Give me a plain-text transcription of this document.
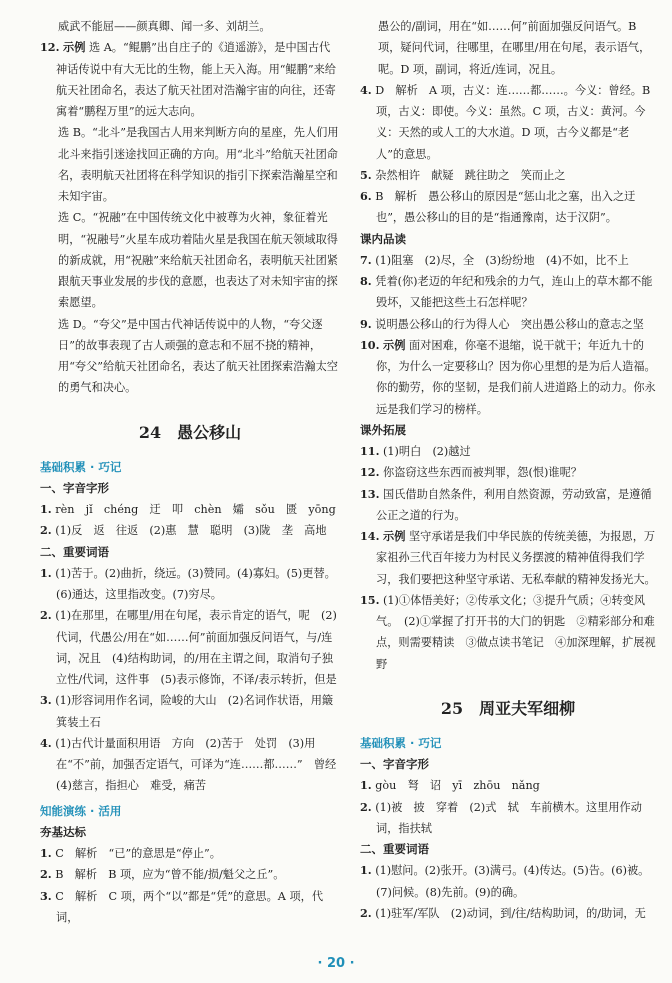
威武不能屈——颜真卿、闻一多、刘胡兰。

12. 示例 选 A。“鲲鹏”出自庄子的《逍遥游》，是中国古代神话传说中有大无比的生物，能上天入海。用“鲲鹏”来给航天社团命名，表达了航天社团对浩瀚宇宙的向往，还寄寓着“鹏程万里”的远大志向。

选 B。“北斗”是我国古人用来判断方向的星座，先人们用北斗来指引迷途找回正确的方向。用“北斗”给航天社团命名，表明航天社团将在科学知识的指引下探索浩瀚星空和未知宇宙。

选 C。“祝融”在中国传统文化中被尊为火神，象征着光明，“祝融号”火星车成功着陆火星是我国在航天领域取得的新成就，用“祝融”来给航天社团命名，表明航天社团紧跟航天事业发展的步伐的意愿，也表达了对未知宇宙的探索愿望。

选 D。“夸父”是中国古代神话传说中的人物，“夸父逐日”的故事表现了古人顽强的意志和不屈不挠的精神，用“夸父”给航天社团命名，表达了航天社团探索浩瀚太空的勇气和决心。

24　愚公移山
基础积累 · 巧记
一、字音字形

1. rèn　jǐ　chéng　迂　叩　chèn　孀　sǒu　匮　yōng

2. (1)反　返　往返　(2)惠　慧　聪明　(3)陇　垄　高地

二、重要词语

1. (1)苦于。(2)曲折，绕远。(3)赞同。(4)寡妇。(5)更替。(6)通达，这里指改变。(7)穷尽。

2. (1)在那里，在哪里/用在句尾，表示肯定的语气，呢　(2)代词，代愚公/用在“如……何”前面加强反问语气，与/连词，况且　(4)结构助词，的/用在主谓之间，取消句子独立性/代词，这件事　(5)表示修饰，不译/表示转折，但是

3. (1)形容词用作名词，险峻的大山　(2)名词作状语，用簸箕装土石

4. (1)古代计量面积用语　方向　(2)苦于　处罚　(3)用在“不”前，加强否定语气，可译为“连……都……”　曾经　(4)慈言，指担心　难受，痛苦

知能演练 · 活用
夯基达标

1. C　解析　“已”的意思是“停止”。

2. B　解析　B 项，应为“曾不能/损/魁父之丘”。

3. C　解析　C 项，两个“以”都是“凭”的意思。A 项，代词，

愚公的/副词，用在“如……何”前面加强反问语气。B 项，疑问代词，往哪里，在哪里/用在句尾，表示语气，呢。D 项，副词，将近/连词，况且。

4. D　解析　A 项，古义：连……都……。今义：曾经。B 项，古义：即使。今义：虽然。C 项，古义：黄河。今义：天然的或人工的大水道。D 项，古今义都是“老人”的意思。

5. 杂然相许　献疑　跳往助之　笑而止之

6. B　解析　愚公移山的原因是“惩山北之塞，出入之迂也”，愚公移山的目的是“指通豫南，达于汉阴”。

课内品读

7. (1)阻塞　(2)尽，全　(3)纷纷地　(4)不如，比不上

8. 凭着(你)老迈的年纪和残余的力气，连山上的草木都不能毁坏，又能把这些土石怎样呢？

9. 说明愚公移山的行为得人心　突出愚公移山的意志之坚

10. 示例 面对困难，你毫不退缩，说干就干；年近九十的你，为什么一定要移山？因为你心里想的是为后人造福。你的勤劳，你的坚韧，是我们前人进道路上的动力。你永远是我们学习的榜样。

课外拓展

11. (1)明白　(2)越过

12. 你盗窃这些东西而被判罪，怨(恨)谁呢？

13. 国氏借助自然条件，利用自然资源，劳动致富，是遵循公正之道的行为。

14. 示例 坚守承诺是我们中华民族的传统美德，为报恩，万家祖孙三代百年接力为村民义务摆渡的精神值得我们学习，我们要把这种坚守承诺、无私奉献的精神发扬光大。

15. (1)①体悟美好；②传承文化；③提升气质；④转变风气。　(2)①掌握了打开书的大门的钥匙　②精彩部分和难点，则需要精读　③做点读书笔记　④加深理解，扩展视野

25　周亚夫军细柳
基础积累 · 巧记
一、字音字形

1. gòu　弩　诏　yī　zhōu　nǎng

2. (1)被　披　穿着　(2)式　轼　车前横木。这里用作动词，指扶轼

二、重要词语

1. (1)慰问。(2)张开。(3)满弓。(4)传达。(5)告。(6)被。(7)问候。(8)先前。(9)的确。

2. (1)驻军/军队　(2)动词，到/往/结构助词，的/助词，无

· 20 ·
